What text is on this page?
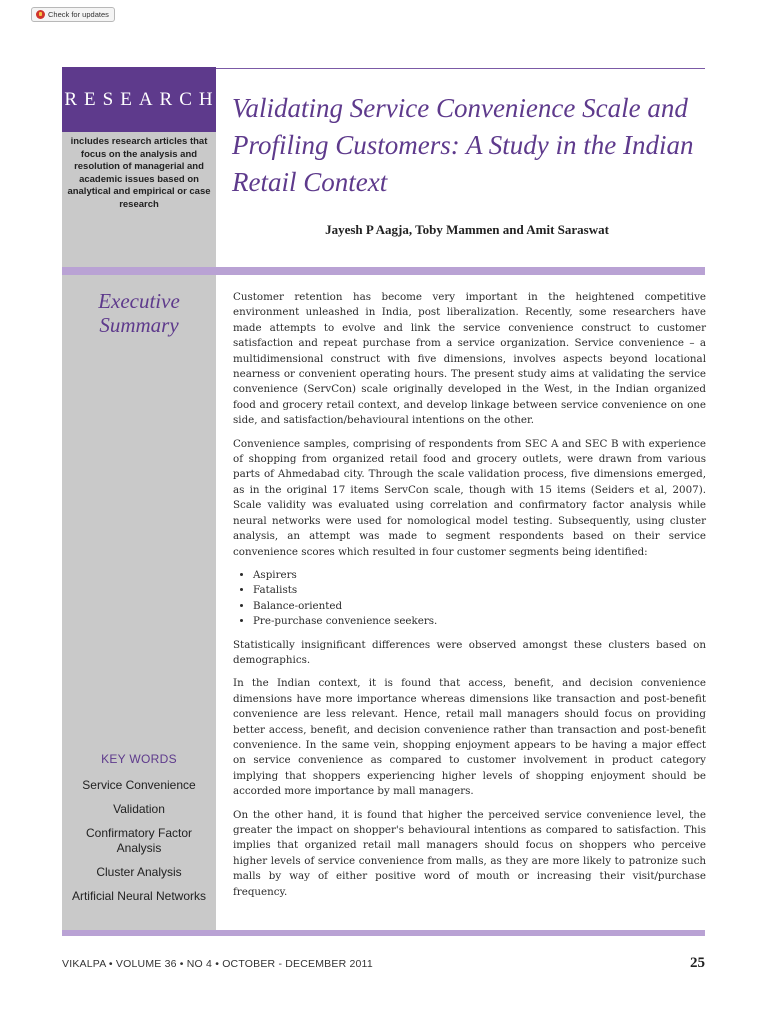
Check for updates
RESEARCH
includes research articles that focus on the analysis and resolution of managerial and academic issues based on analytical and empirical or case research
Validating Service Convenience Scale and Profiling Customers: A Study in the Indian Retail Context
Jayesh P Aagja, Toby Mammen and Amit Saraswat
Executive
Summary
KEY WORDS
Service Convenience
Validation
Confirmatory Factor Analysis
Cluster Analysis
Artificial Neural Networks

Customer retention has become very important in the heightened competitive environment unleashed in India, post liberalization. Recently, some researchers have made attempts to evolve and link the service convenience construct to customer satisfaction and repeat purchase from a service organization. Service convenience – a multidimensional construct with five dimensions, involves aspects beyond locational nearness or convenient operating hours. The present study aims at validating the service convenience (ServCon) scale originally developed in the West, in the Indian organized food and grocery retail context, and develop linkage between service convenience on one side, and satisfaction/behavioural intentions on the other.

Convenience samples, comprising of respondents from SEC A and SEC B with experience of shopping from organized retail food and grocery outlets, were drawn from various parts of Ahmedabad city. Through the scale validation process, five dimensions emerged, as in the original 17 items ServCon scale, though with 15 items (Seiders et al, 2007). Scale validity was evaluated using correlation and confirmatory factor analysis while neural networks were used for nomological model testing. Subsequently, using cluster analysis, an attempt was made to segment respondents based on their service convenience scores which resulted in four customer segments being identified:

• Aspirers
• Fatalists
• Balance-oriented
• Pre-purchase convenience seekers.

Statistically insignificant differences were observed amongst these clusters based on demographics.

In the Indian context, it is found that access, benefit, and decision convenience dimensions have more importance whereas dimensions like transaction and post-benefit convenience are less relevant. Hence, retail mall managers should focus on providing better access, benefit, and decision convenience rather than transaction and post-benefit convenience. In the same vein, shopping enjoyment appears to be having a major effect on service convenience as compared to customer involvement in product category implying that shoppers experiencing higher levels of shopping enjoyment should be accorded more importance by mall managers.

On the other hand, it is found that higher the perceived service convenience level, the greater the impact on shopper's behavioural intentions as compared to satisfaction. This implies that organized retail mall managers should focus on shoppers who perceive higher levels of service convenience from malls, as they are more likely to patronize such malls by way of either positive word of mouth or increasing their visit/purchase frequency.

VIKALPA • VOLUME 36 • NO 4 • OCTOBER - DECEMBER 2011	25
